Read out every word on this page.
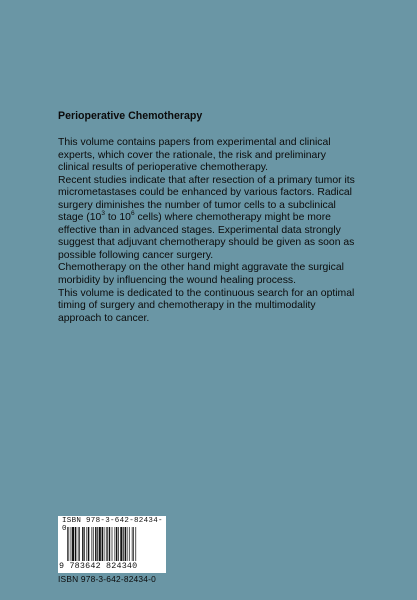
Perioperative Chemotherapy

This volume contains papers from experimental and clinical experts, which cover the rationale, the risk and preliminary clinical results of perioperative chemotherapy.

Recent studies indicate that after resection of a primary tumor its micrometastases could be enhanced by various factors. Radical surgery diminishes the number of tumor cells to a subclinical stage ($10^3$ to $10^6$ cells) where chemotherapy might be more effective than in advanced stages. Experimental data strongly suggest that adjuvant chemotherapy should be given as soon as possible following cancer surgery.

Chemotherapy on the other hand might aggravate the surgical morbidity by influencing the wound healing process.

This volume is dedicated to the continuous search for an optimal timing of surgery and chemotherapy in the multimodality approach to cancer.

ISBN 978-3-642-82434-0
9 783642 824340
ISBN 978-3-642-82434-0
